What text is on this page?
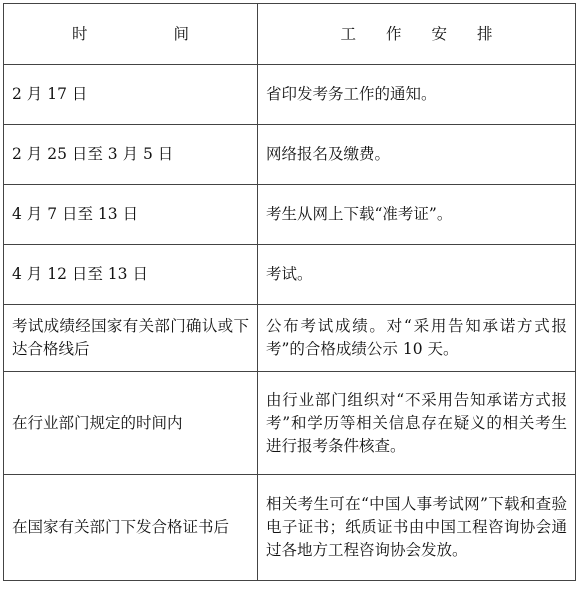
时间	工作安排
2 月 17 日	省印发考务工作的通知。
2 月 25 日至 3 月 5 日	网络报名及缴费。
4 月 7 日至 13 日	考生从网上下载“准考证”。
4 月 12 日至 13 日	考试。
考试成绩经国家有关部门确认或下达合格线后	公布考试成绩。对“采用告知承诺方式报考”的合格成绩公示 10 天。
在行业部门规定的时间内	由行业部门组织对“不采用告知承诺方式报考”和学历等相关信息存在疑义的相关考生进行报考条件核查。
在国家有关部门下发合格证书后	相关考生可在“中国人事考试网”下载和查验电子证书；纸质证书由中国工程咨询协会通过各地方工程咨询协会发放。
